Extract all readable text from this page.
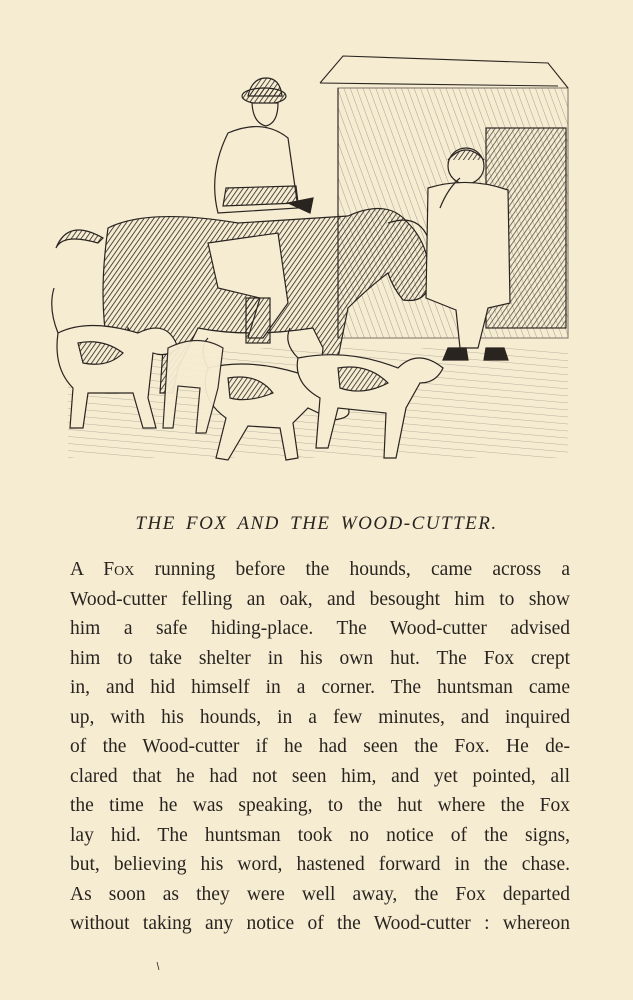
THE FOX AND THE WOOD-CUTTER.
A Fox running before the hounds, came across a
Wood-cutter felling an oak, and besought him to show
him a safe hiding-place. The Wood-cutter advised
him to take shelter in his own hut. The Fox crept
in, and hid himself in a corner. The huntsman came
up, with his hounds, in a few minutes, and inquired
of the Wood-cutter if he had seen the Fox. He de-
clared that he had not seen him, and yet pointed, all
the time he was speaking, to the hut where the Fox
lay hid. The huntsman took no notice of the signs,
but, believing his word, hastened forward in the chase.
As soon as they were well away, the Fox departed
without taking any notice of the Wood-cutter : whereon
